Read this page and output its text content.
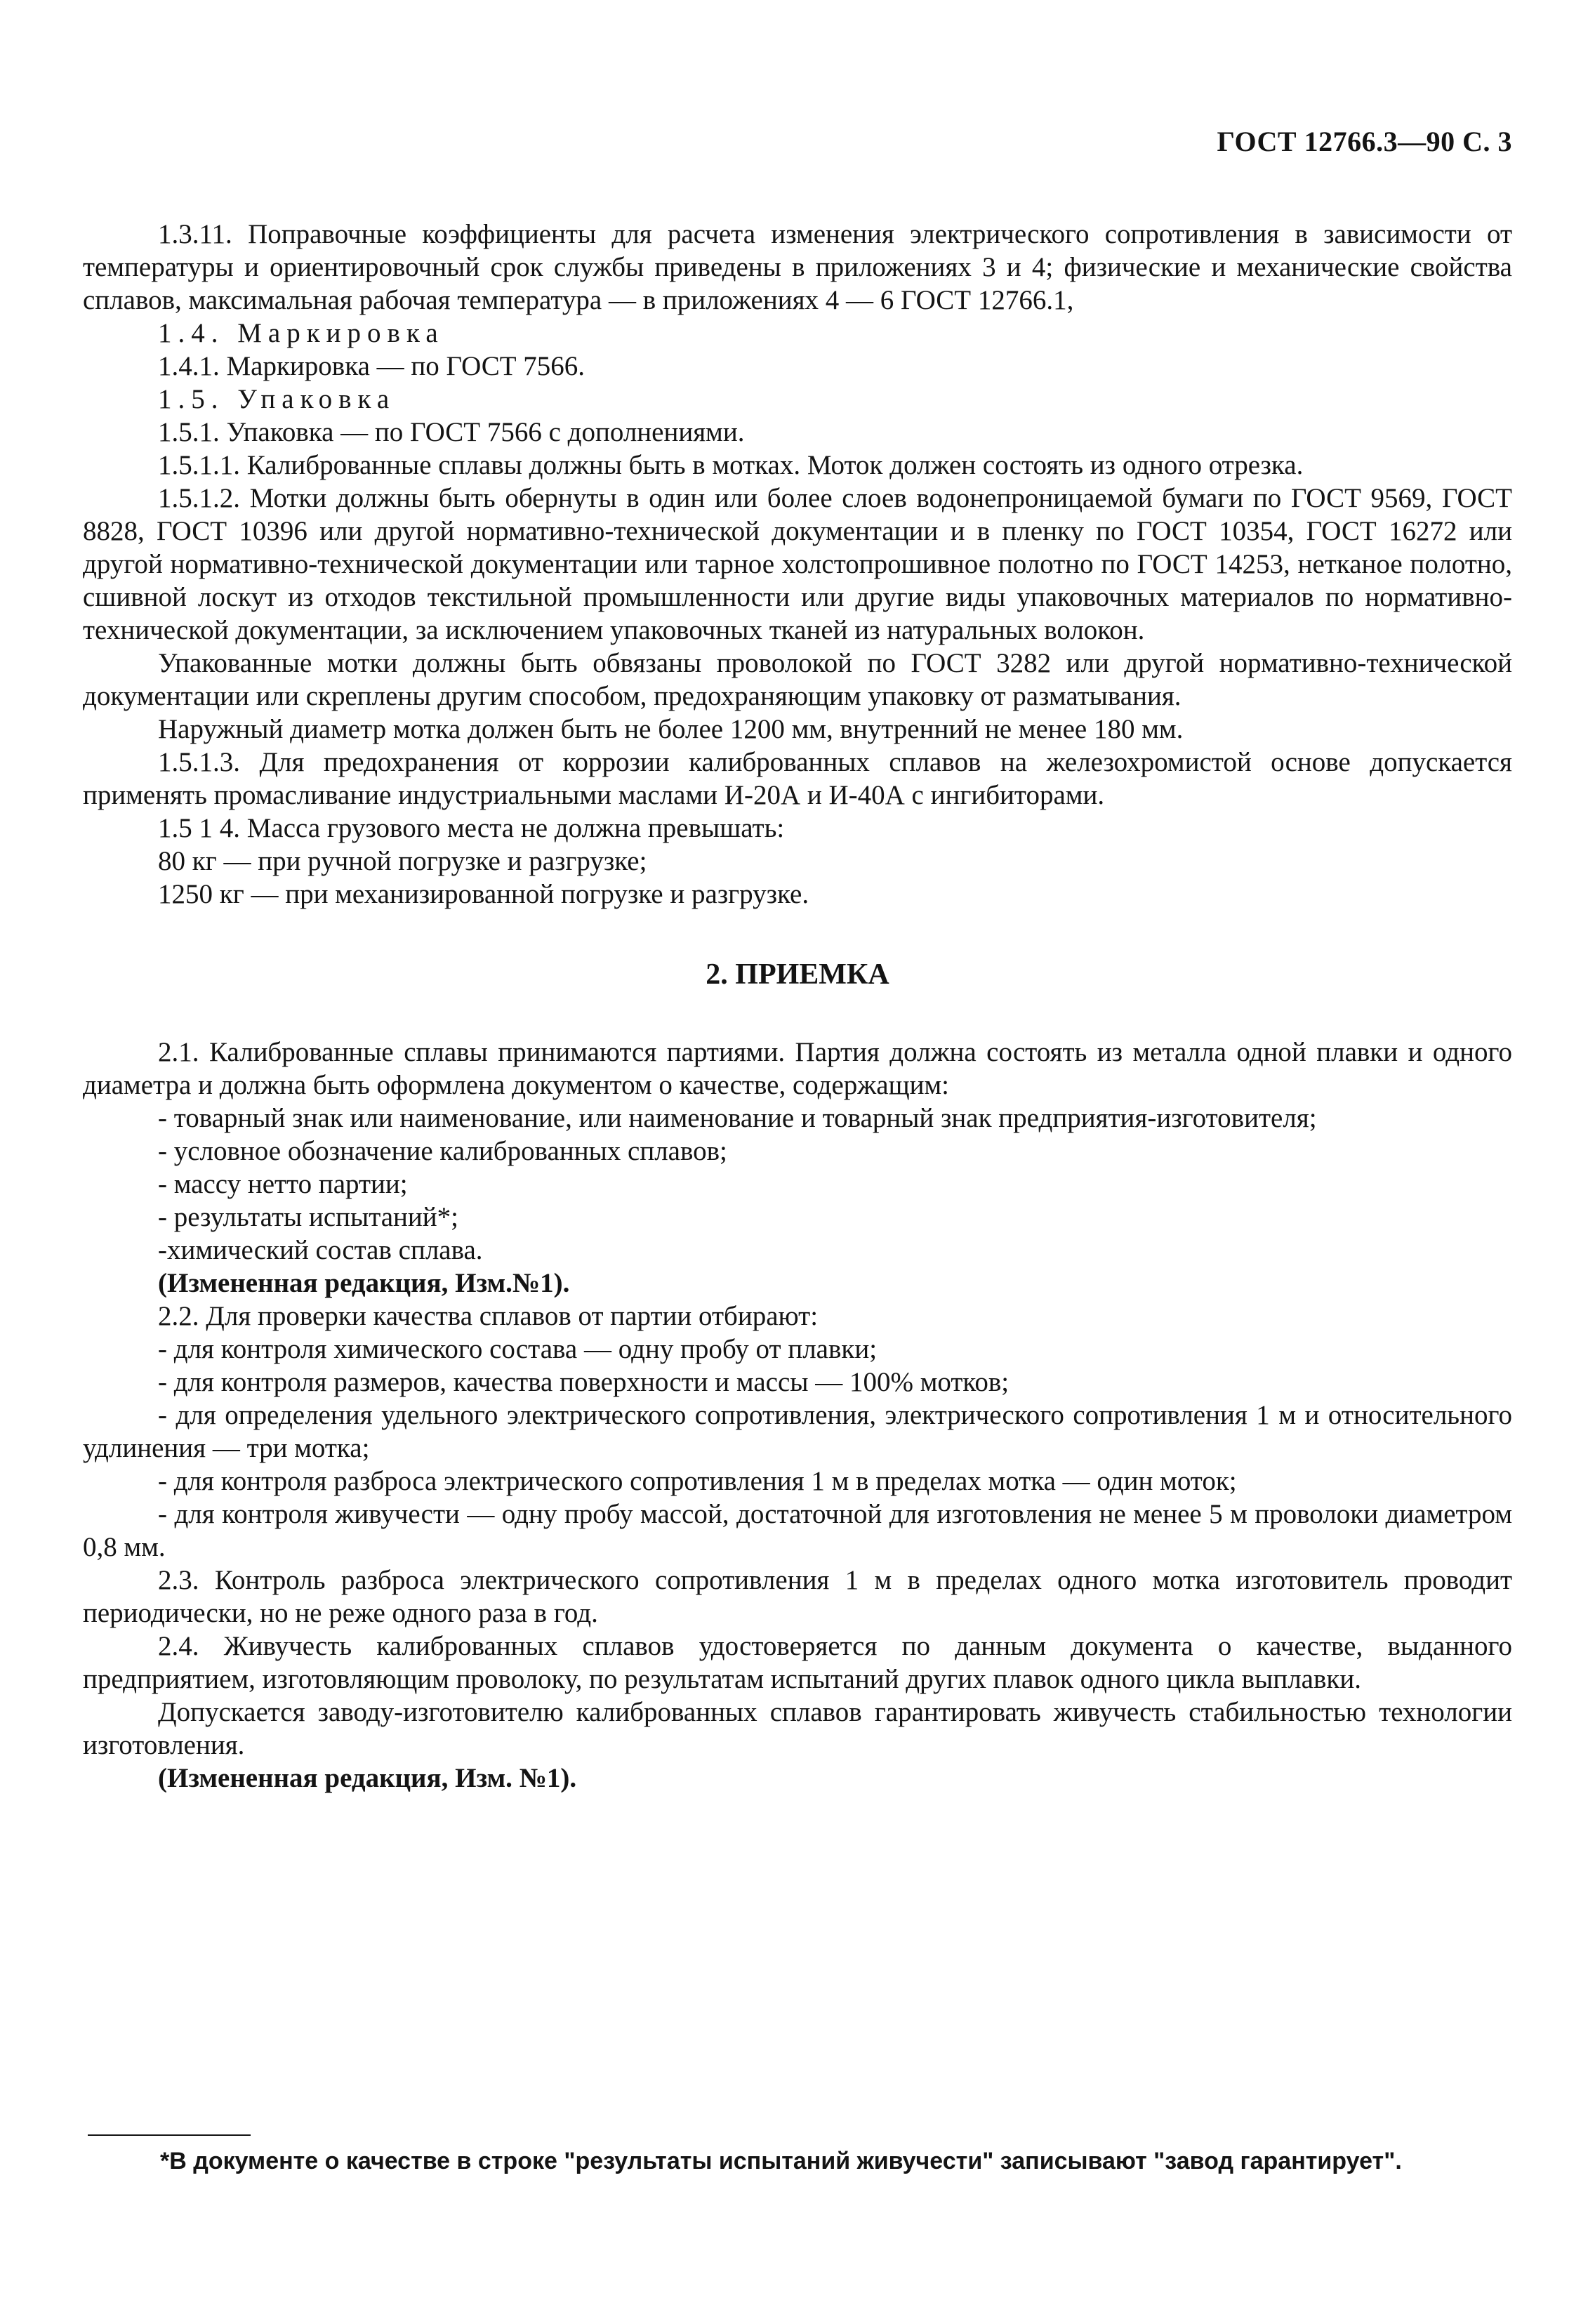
ГОСТ 12766.3—90 С. 3

1.3.11. Поправочные коэффициенты для расчета изменения электрического сопротивления в зависимости от температуры и ориентировочный срок службы приведены в приложениях 3 и 4; физические и механические свойства сплавов, максимальная рабочая температура — в приложениях 4 — 6 ГОСТ 12766.1,

1.4. Маркировка

1.4.1. Маркировка — по ГОСТ 7566.

1.5. Упаковка

1.5.1. Упаковка — по ГОСТ 7566 с дополнениями.

1.5.1.1. Калиброванные сплавы должны быть в мотках. Моток должен состоять из одного отрезка.

1.5.1.2. Мотки должны быть обернуты в один или более слоев водонепроницаемой бумаги по ГОСТ 9569, ГОСТ 8828, ГОСТ 10396 или другой нормативно-технической документации и в пленку по ГОСТ 10354, ГОСТ 16272 или другой нормативно-технической документации или тарное холстопрошивное полотно по ГОСТ 14253, нетканое полотно, сшивной лоскут из отходов текстильной промышленности или другие виды упаковочных материалов по нормативно-технической документации, за исключением упаковочных тканей из натуральных волокон.

Упакованные мотки должны быть обвязаны проволокой по ГОСТ 3282 или другой нормативно-технической документации или скреплены другим способом, предохраняющим упаковку от разматывания.

Наружный диаметр мотка должен быть не более 1200 мм, внутренний не менее 180 мм.

1.5.1.3. Для предохранения от коррозии калиброванных сплавов на железохромистой основе допускается применять промасливание индустриальными маслами И-20А и И-40А с ингибиторами.

1.5 1 4. Масса грузового места не должна превышать:

80 кг — при ручной погрузке и разгрузке;

1250 кг — при механизированной погрузке и разгрузке.

2. ПРИЕМКА

2.1. Калиброванные сплавы принимаются партиями. Партия должна состоять из металла одной плавки и одного диаметра и должна быть оформлена документом о качестве, содержащим:

- товарный знак или наименование, или наименование и товарный знак предприятия-изготовителя;

- условное обозначение калиброванных сплавов;

- массу нетто партии;

- результаты испытаний*;

-химический состав сплава.

(Измененная редакция, Изм.№1).

2.2. Для проверки качества сплавов от партии отбирают:

- для контроля химического состава — одну пробу от плавки;

- для контроля размеров, качества поверхности и массы — 100% мотков;

- для определения удельного электрического сопротивления, электрического сопротивления 1 м и относительного удлинения — три мотка;

- для контроля разброса электрического сопротивления 1 м в пределах мотка — один моток;

- для контроля живучести — одну пробу массой, достаточной для изготовления не менее 5 м проволоки диаметром 0,8 мм.

2.3. Контроль разброса электрического сопротивления 1 м в пределах одного мотка изготовитель проводит периодически, но не реже одного раза в год.

2.4. Живучесть калиброванных сплавов удостоверяется по данным документа о качестве, выданного предприятием, изготовляющим проволоку, по результатам испытаний других плавок одного цикла выплавки.

Допускается заводу-изготовителю калиброванных сплавов гарантировать живучесть стабильностью технологии изготовления.

(Измененная редакция, Изм. №1).

*В документе о качестве в строке "результаты испытаний живучести" записывают "завод гарантирует".
